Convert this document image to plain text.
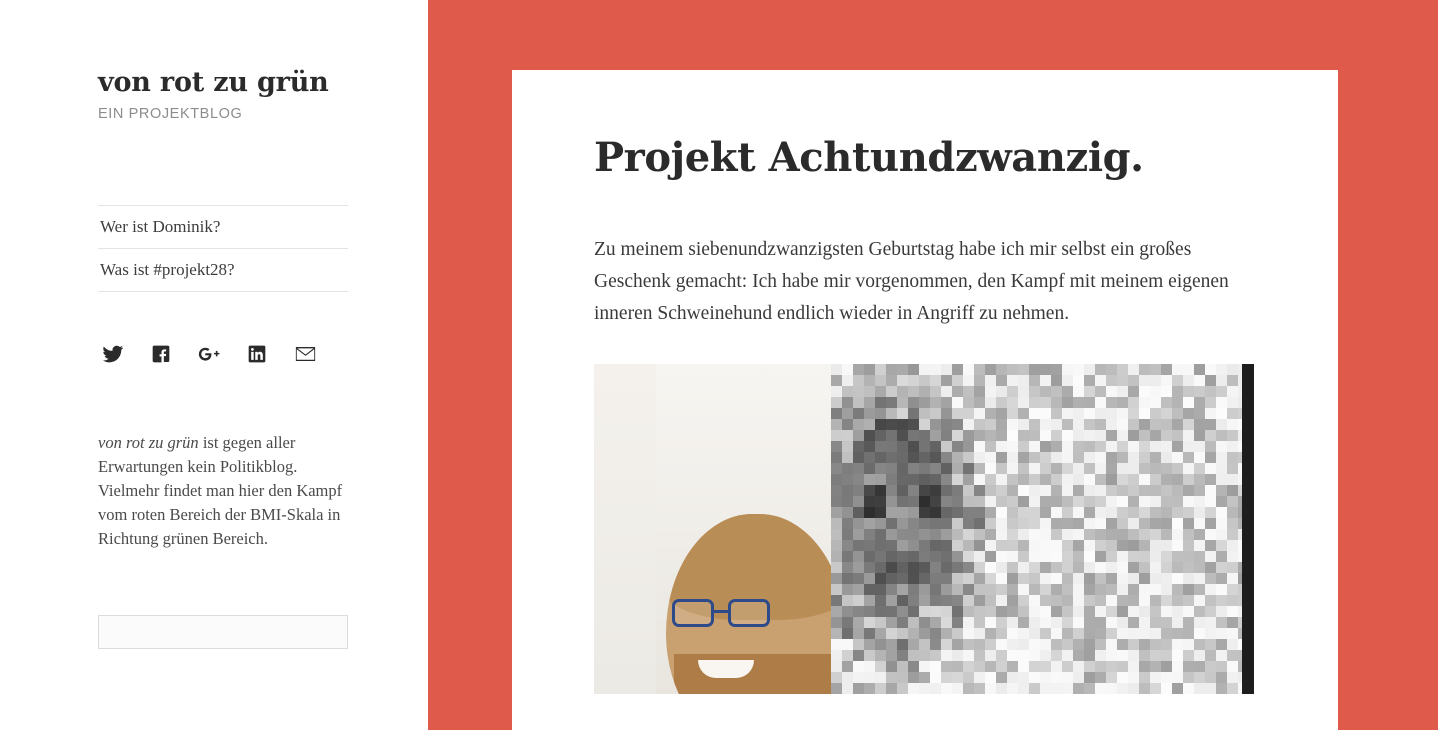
von rot zu grün

EIN PROJEKTBLOG

Wer ist Dominik?
Was ist #projekt28?
von rot zu grün ist gegen aller Erwartungen kein Politikblog. Vielmehr findet man hier den Kampf vom roten Bereich der BMI-Skala in Richtung grünen Bereich.
Projekt Achtundzwanzig.

Zu meinem siebenundzwanzigsten Geburtstag habe ich mir selbst ein großes Geschenk gemacht: Ich habe mir vorgenommen, den Kampf mit meinem eigenen inneren Schweinehund endlich wieder in Angriff zu nehmen.
